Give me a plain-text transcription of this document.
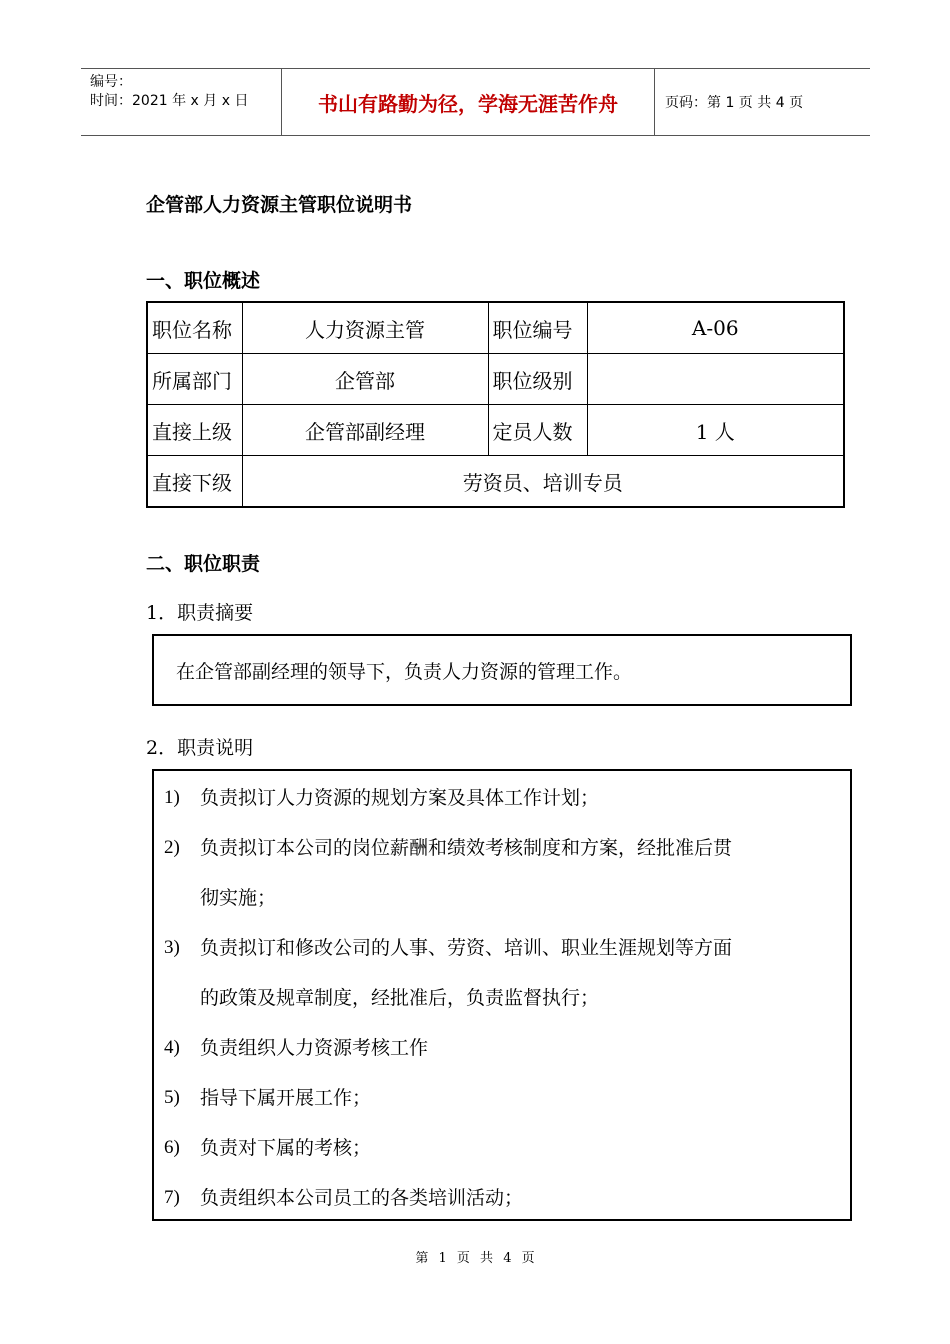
编号：
时间：2021 年 x 月 x 日	书山有路勤为径，学海无涯苦作舟	页码：第 1 页 共 4 页
企管部人力资源主管职位说明书
一、职位概述
职位名称	人力资源主管	职位编号	A-06
所属部门	企管部	职位级别	
直接上级	企管部副经理	定员人数	1 人
直接下级	劳资员、培训专员		
二、职位职责
1．职责摘要
在企管部副经理的领导下，负责人力资源的管理工作。
2．职责说明
1) 负责拟订人力资源的规划方案及具体工作计划；
2) 负责拟订本公司的岗位薪酬和绩效考核制度和方案，经批准后贯
彻实施；
3) 负责拟订和修改公司的人事、劳资、培训、职业生涯规划等方面
的政策及规章制度，经批准后，负责监督执行；
4) 负责组织人力资源考核工作
5) 指导下属开展工作；
6) 负责对下属的考核；
7) 负责组织本公司员工的各类培训活动；
第 1 页 共 4 页
